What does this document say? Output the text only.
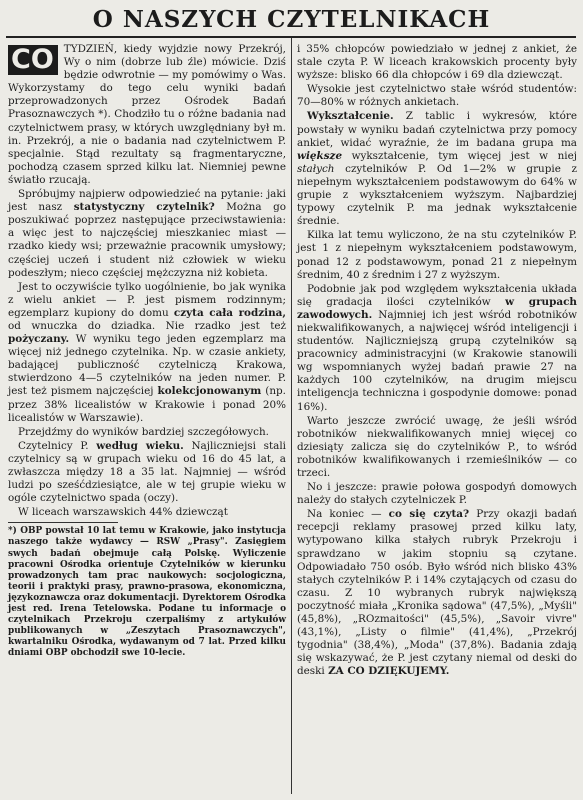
O NASZYCH CZYTELNIKACH

CO TYDZIEŃ, kiedy wyjdzie nowy Przekrój, Wy o nim (dobrze lub źle) mówicie. Dziś będzie odwrotnie — my pomówimy o Was. Wykorzystamy do tego celu wyniki badań przeprowadzonych przez Ośrodek Badań Prasoznawczych *). Chodziło tu o różne badania nad czytelnictwem prasy, w których uwzględniany był m. in. Przekrój, a nie o badania nad czytelnictwem P. specjalnie. Stąd rezultaty są fragmentaryczne, pochodzą czasem sprzed kilku lat. Niemniej pewne światło rzucają.

Spróbujmy najpierw odpowiedzieć na pytanie: jaki jest nasz statystyczny czytelnik? Można go poszukiwać poprzez następujące przeciwstawienia: a więc jest to najczęściej mieszkaniec miast — rzadko kiedy wsi; przeważnie pracownik umysłowy; częściej uczeń i student niż człowiek w wieku podeszłym; nieco częściej mężczyzna niż kobieta.

Jest to oczywiście tylko uogólnienie, bo jak wynika z wielu ankiet — P. jest pismem rodzinnym; egzemplarz kupiony do domu czyta cała rodzina, od wnuczka do dziadka. Nie rzadko jest też pożyczany. W wyniku tego jeden egzemplarz ma więcej niż jednego czytelnika. Np. w czasie ankiety, badającej publiczność czytelniczą Krakowa, stwierdzono 4—5 czytelników na jeden numer. P. jest też pismem najczęściej kolekcjonowanym (np. przez 38% licealistów w Krakowie i ponad 20% licealistów w Warszawie).

Przejdźmy do wyników bardziej szczegółowych.

Czytelnicy P. według wieku. Najliczniejsi stali czytelnicy są w grupach wieku od 16 do 45 lat, a zwłaszcza między 18 a 35 lat. Najmniej — wśród ludzi po sześćdziesiątce, ale w tej grupie wieku w ogóle czytelnictwo spada (oczy).

W liceach warszawskich 44% dziewcząt

*) OBP powstał 10 lat temu w Krakowie, jako instytucja naszego także wydawcy — RSW „Prasy". Zasięgiem swych badań obejmuje całą Polskę. Wyliczenie pracowni Ośrodka orientuje Czytelników w kierunku prowadzonych tam prac naukowych: socjologiczna, teorii i praktyki prasy, prawno-prasowa, ekonomiczna, językoznawcza oraz dokumentacji. Dyrektorem Ośrodka jest red. Irena Tetelowska. Podane tu informacje o czytelnikach Przekroju czerpaliśmy z artykułów publikowanych w „Zeszytach Prasoznawczych", kwartalniku Ośrodka, wydawanym od 7 lat. Przed kilku dniami OBP obchodził swe 10-lecie.

i 35% chłopców powiedziało w jednej z ankiet, że stale czyta P. W liceach krakowskich procenty były wyższe: blisko 66 dla chłopców i 69 dla dziewcząt.

Wysokie jest czytelnictwo stałe wśród studentów: 70—80% w różnych ankietach.

Wykształcenie. Z tablic i wykresów, które powstały w wyniku badań czytelnictwa przy pomocy ankiet, widać wyraźnie, że im badana grupa ma większe wykształcenie, tym więcej jest w niej stałych czytelników P. Od 1—2% w grupie z niepełnym wykształceniem podstawowym do 64% w grupie z wykształceniem wyższym. Najbardziej typowy czytelnik P. ma jednak wykształcenie średnie.

Kilka lat temu wyliczono, że na stu czytelników P. jest 1 z niepełnym wykształceniem podstawowym, ponad 12 z podstawowym, ponad 21 z niepełnym średnim, 40 z średnim i 27 z wyższym.

Podobnie jak pod względem wykształcenia układa się gradacja ilości czytelników w grupach zawodowych. Najmniej ich jest wśród robotników niekwalifikowanych, a najwięcej wśród inteligencji i studentów. Najliczniejszą grupą czytelników są pracownicy administracyjni (w Krakowie stanowili wg wspomnianych wyżej badań prawie 27 na każdych 100 czytelników, na drugim miejscu inteligencja techniczna i gospodynie domowe: ponad 16%).

Warto jeszcze zwrócić uwagę, że jeśli wśród robotników niekwalifikowanych mniej więcej co dziesiąty zalicza się do czytelników P., to wśród robotników kwalifikowanych i rzemieślników — co trzeci.

No i jeszcze: prawie połowa gospodyń domowych należy do stałych czytelniczek P.

Na koniec — co się czyta? Przy okazji badań recepcji reklamy prasowej przed kilku laty, wytypowano kilka stałych rubryk Przekroju i sprawdzano w jakim stopniu są czytane. Odpowiadało 750 osób. Było wśród nich blisko 43% stałych czytelników P. i 14% czytających od czasu do czasu. Z 10 wybranych rubryk największą poczytność miała „Kronika sądowa" (47,5%), „Myśli" (45,8%), „ROzmaitości" (45,5%), „Savoir vivre" (43,1%), „Listy o filmie" (41,4%), „Przekrój tygodnia" (38,4%), „Moda" (37,8%). Badania zdają się wskazywać, że P. jest czytany niemal od deski do deski ZA CO DZIĘKUJEMY.
